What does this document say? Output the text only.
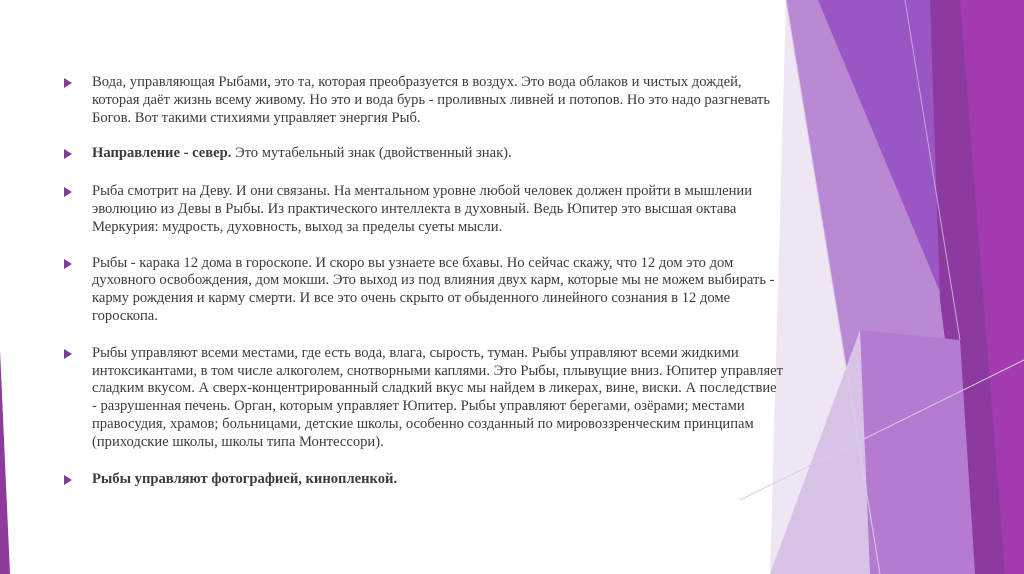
Вода, управляющая Рыбами, это та, которая преобразуется в воздух. Это вода облаков и чистых дождей, которая даёт жизнь всему живому. Но это и вода бурь - проливных ливней и потопов. Но это надо разгневать Богов. Вот такими стихиями управляет энергия Рыб.
Направление - север. Это мутабельный знак (двойственный знак).
Рыба смотрит на Деву. И они связаны. На ментальном уровне любой человек должен пройти в мышлении эволюцию из Девы в Рыбы. Из практического интеллекта в духовный. Ведь Юпитер это высшая октава Меркурия: мудрость, духовность, выход за пределы суеты мысли.
Рыбы - карака 12 дома в гороскопе. И скоро вы узнаете все бхавы. Но сейчас скажу, что 12 дом это дом духовного освобождения, дом мокши. Это выход из под влияния двух карм, которые мы не можем выбирать - карму рождения и карму смерти. И все это очень скрыто от обыденного линейного сознания в 12 доме гороскопа.
Рыбы управляют всеми местами, где есть вода, влага, сырость, туман. Рыбы управляют всеми жидкими интоксикантами, в том числе алкоголем, снотворными каплями. Это Рыбы, плывущие вниз. Юпитер управляет сладким вкусом. А сверх-концентрированный сладкий вкус мы найдем в ликерах, вине, виски. А последствие - разрушенная печень. Орган, которым управляет Юпитер. Рыбы управляют берегами, озёрами; местами правосудия, храмов; больницами, детские школы, особенно созданный по мировоззренческим принципам (приходские школы, школы типа Монтессори).
Рыбы управляют фотографией, кинопленкой.
